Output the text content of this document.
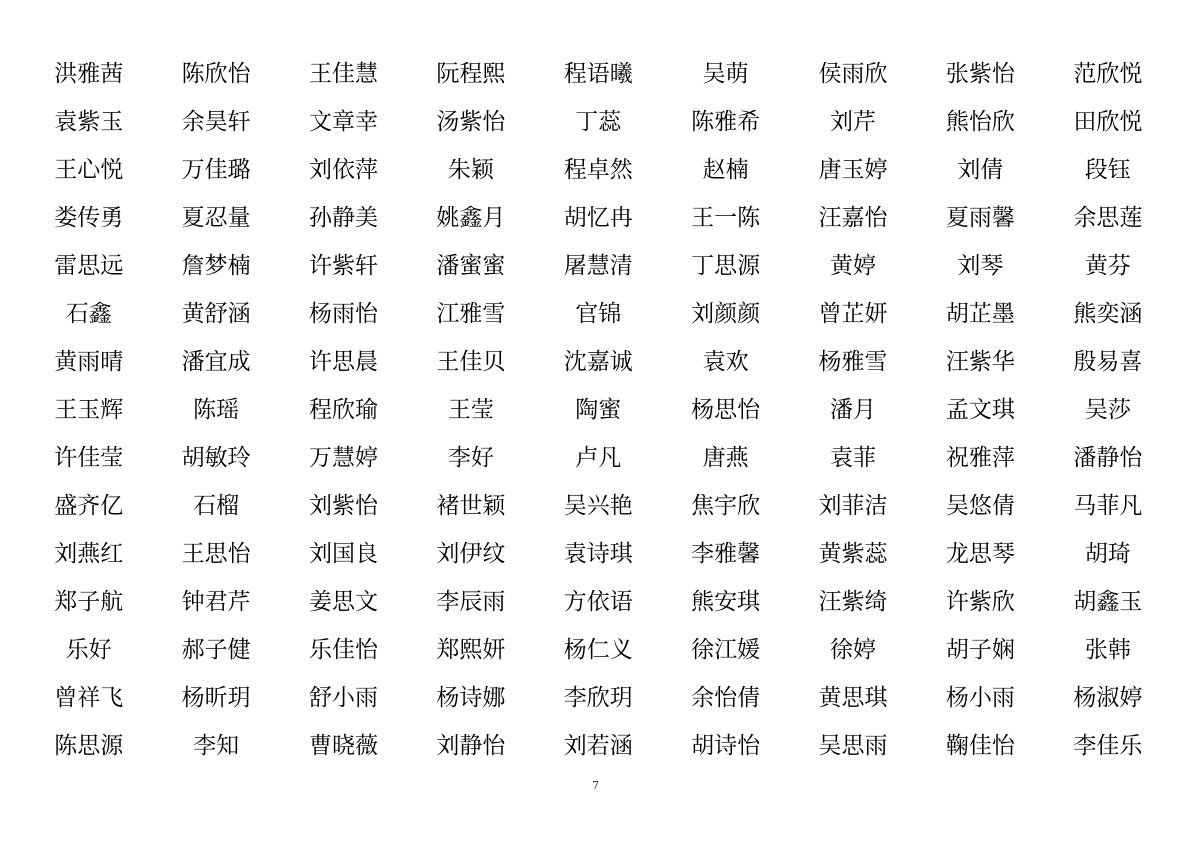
洪雅茜	陈欣怡	王佳慧	阮程熙	程语曦	吴萌	侯雨欣	张紫怡	范欣悦
袁紫玉	余昊轩	文章幸	汤紫怡	丁蕊	陈雅希	刘芹	熊怡欣	田欣悦
王心悦	万佳璐	刘依萍	朱颖	程卓然	赵楠	唐玉婷	刘倩	段钰
娄传勇	夏忍量	孙静美	姚鑫月	胡忆冉	王一陈	汪嘉怡	夏雨馨	余思莲
雷思远	詹梦楠	许紫轩	潘蜜蜜	屠慧清	丁思源	黄婷	刘琴	黄芬
石鑫	黄舒涵	杨雨怡	江雅雪	官锦	刘颜颜	曾芷妍	胡芷墨	熊奕涵
黄雨晴	潘宜成	许思晨	王佳贝	沈嘉诚	袁欢	杨雅雪	汪紫华	殷易喜
王玉辉	陈瑶	程欣瑜	王莹	陶蜜	杨思怡	潘月	孟文琪	吴莎
许佳莹	胡敏玲	万慧婷	李好	卢凡	唐燕	袁菲	祝雅萍	潘静怡
盛齐亿	石榴	刘紫怡	褚世颖	吴兴艳	焦宇欣	刘菲洁	吴悠倩	马菲凡
刘燕红	王思怡	刘国良	刘伊纹	袁诗琪	李雅馨	黄紫蕊	龙思琴	胡琦
郑子航	钟君芹	姜思文	李辰雨	方依语	熊安琪	汪紫绮	许紫欣	胡鑫玉
乐好	郝子健	乐佳怡	郑熙妍	杨仁义	徐江媛	徐婷	胡子娴	张韩
曾祥飞	杨昕玥	舒小雨	杨诗娜	李欣玥	余怡倩	黄思琪	杨小雨	杨淑婷
陈思源	李知	曹晓薇	刘静怡	刘若涵	胡诗怡	吴思雨	鞠佳怡	李佳乐
7
